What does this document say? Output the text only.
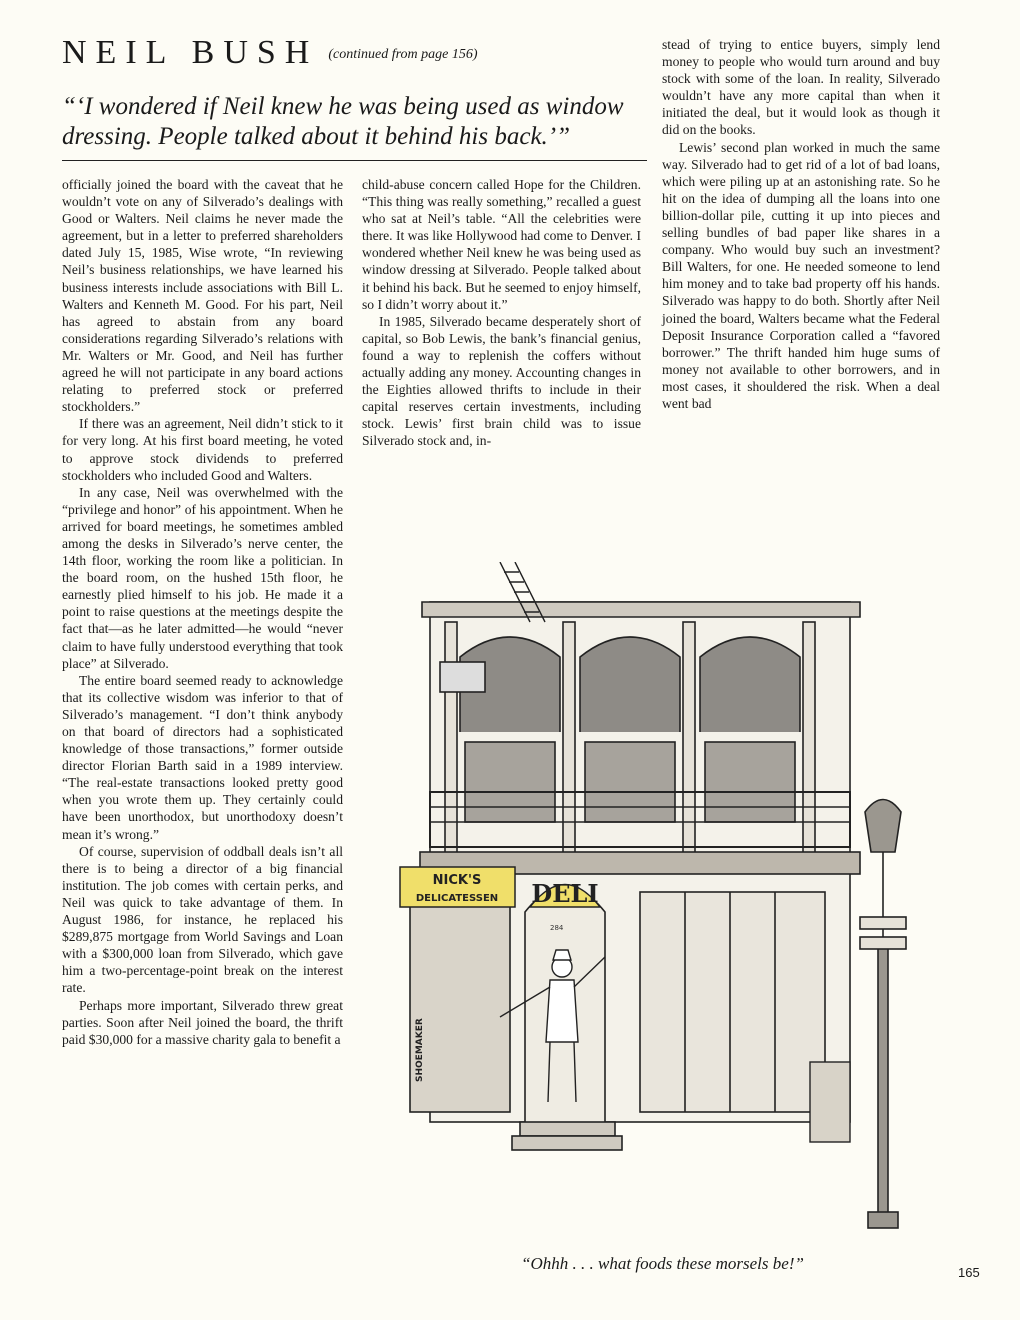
NEIL BUSH (continued from page 156)
“‘I wondered if Neil knew he was being used as window dressing. People talked about it behind his back.’”

officially joined the board with the caveat that he wouldn’t vote on any of Silverado’s dealings with Good or Walters. Neil claims he never made the agreement, but in a letter to preferred shareholders dated July 15, 1985, Wise wrote, “In reviewing Neil’s business relationships, we have learned his business interests include associations with Bill L. Walters and Kenneth M. Good. For his part, Neil has agreed to abstain from any board considerations regarding Silverado’s relations with Mr. Walters or Mr. Good, and Neil has further agreed he will not participate in any board actions relating to preferred stock or preferred stockholders.”

If there was an agreement, Neil didn’t stick to it for very long. At his first board meeting, he voted to approve stock dividends to preferred stockholders who included Good and Walters.

In any case, Neil was overwhelmed with the “privilege and honor” of his appointment. When he arrived for board meetings, he sometimes ambled among the desks in Silverado’s nerve center, the 14th floor, working the room like a politician. In the board room, on the hushed 15th floor, he earnestly plied himself to his job. He made it a point to raise questions at the meetings despite the fact that—as he later admitted—he would “never claim to have fully understood everything that took place” at Silverado.

The entire board seemed ready to acknowledge that its collective wisdom was inferior to that of Silverado’s management. “I don’t think anybody on that board of directors had a sophisticated knowledge of those transactions,” former outside director Florian Barth said in a 1989 interview. “The real-estate transactions looked pretty good when you wrote them up. They certainly could have been unorthodox, but unorthodoxy doesn’t mean it’s wrong.”

Of course, supervision of oddball deals isn’t all there is to being a director of a big financial institution. The job comes with certain perks, and Neil was quick to take advantage of them. In August 1986, for instance, he replaced his $289,875 mortgage from World Savings and Loan with a $300,000 loan from Silverado, which gave him a two-percentage-point break on the interest rate.

Perhaps more important, Silverado threw great parties. Soon after Neil joined the board, the thrift paid $30,000 for a massive charity gala to benefit a

child-abuse concern called Hope for the Children. “This thing was really something,” recalled a guest who sat at Neil’s table. “All the celebrities were there. It was like Hollywood had come to Denver. I wondered whether Neil knew he was being used as window dressing at Silverado. People talked about it behind his back. But he seemed to enjoy himself, so I didn’t worry about it.”

In 1985, Silverado became desperately short of capital, so Bob Lewis, the bank’s financial genius, found a way to replenish the coffers without actually adding any money. Accounting changes in the Eighties allowed thrifts to include in their capital reserves certain investments, including stock. Lewis’ first brain child was to issue Silverado stock and, in-

stead of trying to entice buyers, simply lend money to people who would turn around and buy stock with some of the loan. In reality, Silverado wouldn’t have any more capital than when it initiated the deal, but it would look as though it did on the books.

Lewis’ second plan worked in much the same way. Silverado had to get rid of a lot of bad loans, which were piling up at an astonishing rate. So he hit on the idea of dumping all the loans into one billion-dollar pile, cutting it up into pieces and selling bundles of bad paper like shares in a company. Who would buy such an investment? Bill Walters, for one. He needed someone to lend him money and to take bad property off his hands. Silverado was happy to do both. Shortly after Neil joined the board, Walters became what the Federal Deposit Insurance Corporation called a “favored borrower.” The thrift handed him huge sums of money not available to other borrowers, and in most cases, it shouldered the risk. When a deal went bad

NICK'S
DELICATESSEN DELI
284
SHOEMAKER
“Ohhh . . . what foods these morsels be!”	165
